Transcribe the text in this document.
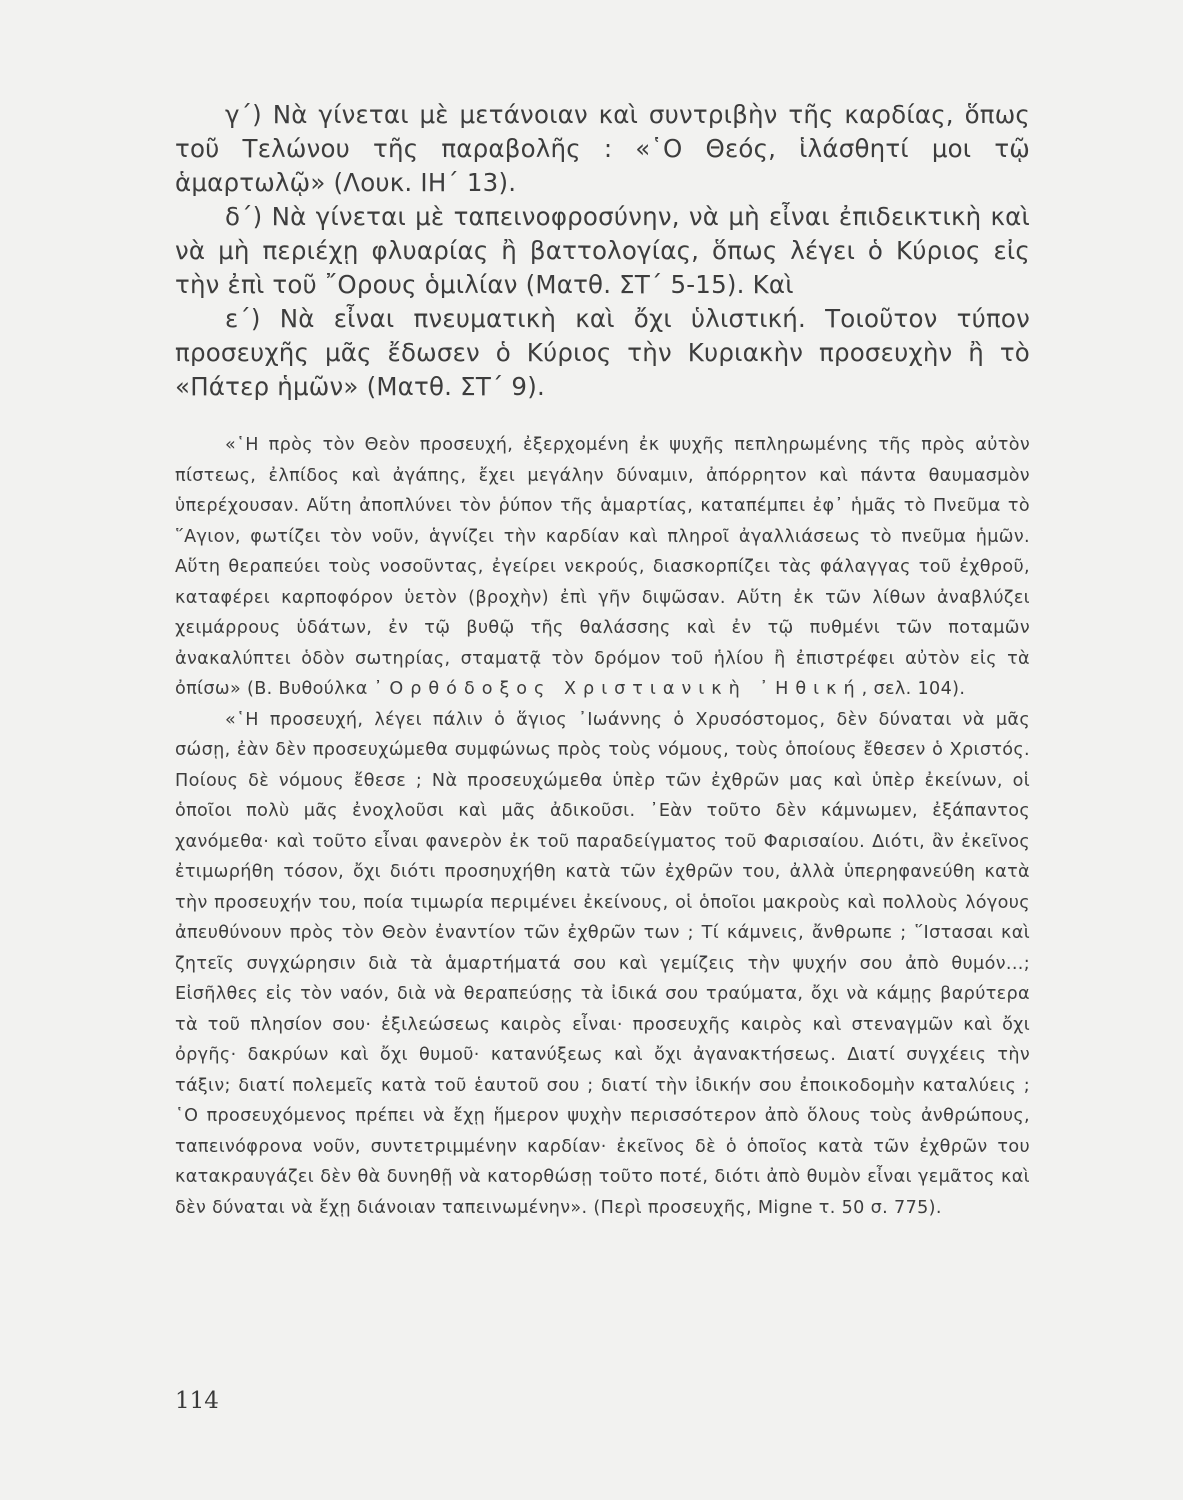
γ΄) Νὰ γίνεται μὲ μετάνοιαν καὶ συντριβὴν τῆς καρδίας, ὅπως τοῦ Τελώνου τῆς παραβολῆς : «῾Ο Θεός, ἱλάσθητί μοι τῷ ἁμαρτωλῷ» (Λουκ. ΙΗ΄ 13).

δ΄) Νὰ γίνεται μὲ ταπεινοφροσύνην, νὰ μὴ εἶναι ἐπιδεικτικὴ καὶ νὰ μὴ περιέχῃ φλυαρίας ἢ βαττολογίας, ὅπως λέγει ὁ Κύριος εἰς τὴν ἐπὶ τοῦ ῎Ορους ὁμιλίαν (Ματθ. ΣΤ΄ 5-15). Καὶ

ε΄) Νὰ εἶναι πνευματικὴ καὶ ὄχι ὑλιστική. Τοιοῦτον τύπον προσευχῆς μᾶς ἔδωσεν ὁ Κύριος τὴν Κυριακὴν προσευχὴν ἢ τὸ «Πάτερ ἡμῶν» (Ματθ. ΣΤ΄ 9).

«῾Η πρὸς τὸν Θεὸν προσευχή, ἐξερχομένη ἐκ ψυχῆς πεπληρωμένης τῆς πρὸς αὐτὸν πίστεως, ἐλπίδος καὶ ἀγάπης, ἔχει μεγάλην δύναμιν, ἀπόρρητον καὶ πάντα θαυμασμὸν ὑπερέχουσαν. Αὕτη ἀποπλύνει τὸν ῥύπον τῆς ἁμαρτίας, καταπέμπει ἐφ᾽ ἡμᾶς τὸ Πνεῦμα τὸ ῞Αγιον, φωτίζει τὸν νοῦν, ἁγνίζει τὴν καρδίαν καὶ πληροῖ ἀγαλλιάσεως τὸ πνεῦμα ἡμῶν. Αὕτη θεραπεύει τοὺς νοσοῦντας, ἐγείρει νεκρούς, διασκορπίζει τὰς φάλαγγας τοῦ ἐχθροῦ, καταφέρει καρποφόρον ὑετὸν (βροχὴν) ἐπὶ γῆν διψῶσαν. Αὕτη ἐκ τῶν λίθων ἀναβλύζει χειμάρρους ὑδάτων, ἐν τῷ βυθῷ τῆς θαλάσσης καὶ ἐν τῷ πυθμένι τῶν ποταμῶν ἀνακαλύπτει ὁδὸν σωτηρίας, σταματᾷ τὸν δρόμον τοῦ ἡλίου ἢ ἐπιστρέφει αὐτὸν εἰς τὰ ὀπίσω» (Β. Βυθούλκα ᾿Ορθόδοξος Χριστιανικὴ ᾿Ηθική, σελ. 104).

«῾Η προσευχή, λέγει πάλιν ὁ ἅγιος ᾿Ιωάννης ὁ Χρυσόστομος, δὲν δύναται νὰ μᾶς σώσῃ, ἐὰν δὲν προσευχώμεθα συμφώνως πρὸς τοὺς νόμους, τοὺς ὁποίους ἔθεσεν ὁ Χριστός. Ποίους δὲ νόμους ἔθεσε ; Νὰ προσευχώμεθα ὑπὲρ τῶν ἐχθρῶν μας καὶ ὑπὲρ ἐκείνων, οἱ ὁποῖοι πολὺ μᾶς ἐνοχλοῦσι καὶ μᾶς ἀδικοῦσι. ᾿Εὰν τοῦτο δὲν κάμνωμεν, ἐξάπαντος χανόμεθα· καὶ τοῦτο εἶναι φανερὸν ἐκ τοῦ παραδείγματος τοῦ Φαρισαίου. Διότι, ἂν ἐκεῖνος ἐτιμωρήθη τόσον, ὄχι διότι προσηυχήθη κατὰ τῶν ἐχθρῶν του, ἀλλὰ ὑπερηφανεύθη κατὰ τὴν προσευχήν του, ποία τιμωρία περιμένει ἐκείνους, οἱ ὁποῖοι μακροὺς καὶ πολλοὺς λόγους ἀπευθύνουν πρὸς τὸν Θεὸν ἐναντίον τῶν ἐχθρῶν των ; Τί κάμνεις, ἄνθρωπε ; ῞Ιστασαι καὶ ζητεῖς συγχώρησιν διὰ τὰ ἁμαρτήματά σου καὶ γεμίζεις τὴν ψυχήν σου ἀπὸ θυμόν...; Εἰσῆλθες εἰς τὸν ναόν, διὰ νὰ θεραπεύσῃς τὰ ἰδικά σου τραύματα, ὄχι νὰ κάμῃς βαρύτερα τὰ τοῦ πλησίον σου· ἐξιλεώσεως καιρὸς εἶναι· προσευχῆς καιρὸς καὶ στεναγμῶν καὶ ὄχι ὀργῆς· δακρύων καὶ ὄχι θυμοῦ· κατανύξεως καὶ ὄχι ἀγανακτήσεως. Διατί συγχέεις τὴν τάξιν; διατί πολεμεῖς κατὰ τοῦ ἑαυτοῦ σου ; διατί τὴν ἰδικήν σου ἐποικοδομὴν καταλύεις ; ῾Ο προσευχόμενος πρέπει νὰ ἔχῃ ἥμερον ψυχὴν περισσότερον ἀπὸ ὅλους τοὺς ἀνθρώπους, ταπεινόφρονα νοῦν, συντετριμμένην καρδίαν· ἐκεῖνος δὲ ὁ ὁποῖος κατὰ τῶν ἐχθρῶν του κατακραυγάζει δὲν θὰ δυνηθῇ νὰ κατορθώσῃ τοῦτο ποτέ, διότι ἀπὸ θυμὸν εἶναι γεμᾶτος καὶ δὲν δύναται νὰ ἔχῃ διάνοιαν ταπεινωμένην». (Περὶ προσευχῆς, Migne τ. 50 σ. 775).

114
